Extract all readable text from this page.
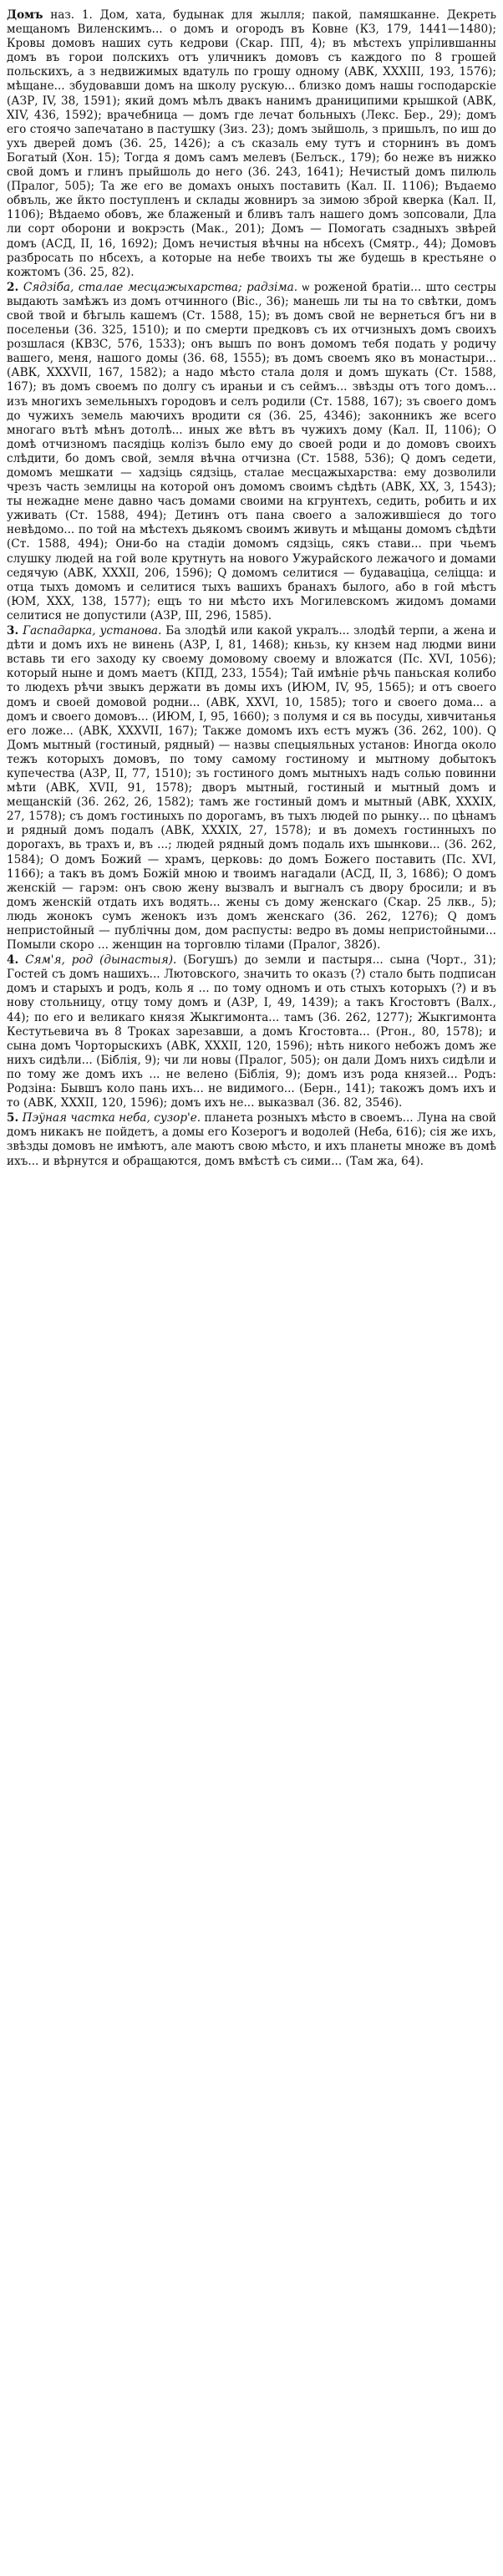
Домъ наз. 1. Дом, хата, будынак для жылля; пакой, памяшканне. Декреть мещаномъ Виленскимъ... о домъ и огородъ въ Ковне (КЗ, 179, 1441—1480); Кровы домовъ наших суть кедрови (Скар. ПП, 4); въ мѣстехъ упрілившанны домъ въ горои полскихъ отъ уличникъ домовъ съ каждого по 8 грошей польскихъ, а з недвижимых вдатуль по грошу одному (АВК, XXXIII, 193, 1576); мѣщане... збудовавши домъ на школу рускую... близко домъ нашы господарскіе (АЗР, IV, 38, 1591); який домъ мѣлъ двакъ нанимъ драниципими крышкой (АВК, XIV, 436, 1592); врачебница — домъ где лечат больныхъ (Лекс. Бер., 29); домъ его стоячо запечатано в пастушку (Зиз. 23); домъ зыйшоль, з пришьлъ, по иш до ухъ дверей домъ (36. 25, 1426); а съ сказаль ему тутъ и сторнинъ въ домъ Богатый (Хон. 15); Тогда я домъ самъ мелевъ (Белъск., 179); бо неже въ нижко свой домъ и глинъ прыйшоль до него (36. 243, 1641); Нечистый домъ пилюль (Пралог, 505); Та же его ве домахъ оныхъ поставить (Кал. II. 1106); Въдаемо обвъль, же йкто поступленъ и склады жовниръ за зимою зброй кверка (Кал. II, 1106); Вѣдаемо обовъ, же блаженый и бливъ талъ нашего домъ зопсовали, Дла ли сорт оборони и вокрэсть (Мак., 201); Домъ — Помогать сзадныхъ звѣрей домъ (АСД, II, 16, 1692); Домъ нечистыя вѣчны на нбсехъ (Смятр., 44); Домовъ разбросать по нбсехъ, а которые на небе твоихъ ты же будешь в крестьяне о кожтомъ (36. 25, 82).

2. Сядзіба, сталае месцажыхарства; радзіма. ѡ роженой братіи... што сестры выдають замѣжъ из домъ отчинного (Віс., 36); манешь ли ты на то свѣтки, домъ свой твой и бѣгыль кашемъ (Ст. 1588, 15); въ домъ свой не вернеться бгъ ни в поселеньи (36. 325, 1510); и по смерти предковъ съ их отчизныхъ домъ своихъ розшлася (КВЗС, 576, 1533); онъ вышъ по вонъ домомъ тебя подать у родичу вашего, меня, нашого домы (36. 68, 1555); въ домъ своемъ яко въ монастыри... (АВК, XXXVII, 167, 1582); а надо мѣсто стала доля и домъ шукать (Ст. 1588, 167); въ домъ своемъ по долгу съ ираньи и съ сеймъ... звѣзды отъ того домъ... изъ многихъ земельныхъ городовъ и селъ родили (Ст. 1588, 167); зъ своего домъ до чужихъ земель маючихъ вродити ся (36. 25, 4346); законникъ же всего многаго вътѣ мѣнъ дотолѣ... иных же вѣтъ въ чужихъ дому (Кал. II, 1106); О домѣ отчизномъ пасядіць колізъ было ему до своей роди и до домовъ своихъ слѣдити, бо домъ свой, земля вѣчна отчизна (Ст. 1588, 536); Q домъ седети, домомъ мешкати — хадзіць сядзіць, сталае месцажыхарства: ему дозволили чрезъ часть землицы на которой онъ домомъ своимъ сѣдѣть (АВК, XX, 3, 1543); ты нежадне мене давно часъ домами своими на кгрунтехъ, седить, робить и их уживать (Ст. 1588, 494); Детинъ отъ пана своего а заложившіеся до того невѣдомо... по той на мѣстехъ дьякомъ своимъ живуть и мѣщаны домомъ сѣдѣти (Ст. 1588, 494); Они-бо на стадіи домомъ сядзіць, сякъ стави... при чьемъ слушку людей на гой воле крутнуть на нового Ужурайского лежачого и домами седячую (АВК, XXXII, 206, 1596); Q домомъ селитися — будаваціца, селіцца: и отца тыхъ домомъ и селитися тыхъ вашихъ бранахъ былого, або в гой мѣстъ (ЮМ, XXX, 138, 1577); ещъ то ни мѣсто ихъ Могилевскомъ жидомъ домами селитися не допустили (АЗР, III, 296, 1585).

3. Гаспадарка, установа. Ба злодѣй или какой укралъ... злодѣй терпи, а жена и дѣти и домъ ихъ не винень (АЗР, I, 81, 1468); кньзь, ку кнзем над людми вини вставь ти его заходу ку своему домовому своему и вложатся (Пс. XVI, 1056); который ныне и домъ маетъ (КПД, 233, 1554); Тай имѣніе рѣчь паньская колибо то людехъ рѣчи звыкъ держати въ домы ихъ (ИЮМ, IV, 95, 1565); и отъ своего домъ и своей домовой родни... (АВК, XXVI, 10, 1585); того и своего дома... а домъ и своего домовъ... (ИЮМ, I, 95, 1660); з полумя и ся вь посуды, хивчитанья его ложе... (АВК, XXXVII, 167); Также домомъ ихъ естъ мужъ (36. 262, 100). Q Домъ мытный (гостиный, рядный) — назвы спецыяльных установ: Иногда около тежъ которыхъ домовъ, по тому самому гостиному и мытному добытокъ купечества (АЗР, II, 77, 1510); зъ гостиного домъ мытныхъ надъ солью повинни мѣти (АВК, XVII, 91, 1578); дворъ мытный, гостиный и мытный домъ и мещанскій (36. 262, 26, 1582); тамъ же гостиный домъ и мытный (АВК, XXXIX, 27, 1578); съ домъ гостиныхъ по дорогамъ, въ тыхъ людей по рынку... по цѣнамъ и рядный домъ подалъ (АВК, XXXIX, 27, 1578); и въ домехъ гостинныхъ по дорогахъ, вь трахъ и, въ ...; людей рядный домъ подаль ихъ шынкови... (36. 262, 1584); О домъ Божий — храмъ, церковь: до домъ Божего поставить (Пс. XVI, 1166); а такъ въ домъ Божій мною и твоимъ нагадали (АСД, II, 3, 1686); О домъ женскій — гарэм: онъ свою жену вызвалъ и выгналъ съ двору бросили; и въ домъ женскій отдать ихъ водять... жены съ дому женскаго (Скар. 25 лкв., 5); людь жонокъ сумъ женокъ изъ домъ женскаго (36. 262, 1276); Q домъ непристойный — публічны дом, дом распусты: ведро въ домы непристойными... Помыли скоро ... женщин на торговлю тілами (Пралог, 382б).

4. Сям'я, род (дынастыя). (Богушъ) до земли и пастыря... сына (Чорт., 31); Гостей съ домъ нашихъ... Лютовского, значить то оказъ (?) стало быть подписан домъ и старыхъ и родъ, коль я ... по тому одномъ и оть стыхъ которыхъ (?) и въ нову стольницу, отцу тому домъ и (АЗР, I, 49, 1439); а такъ Кгостовтъ (Валх., 44); по его и великаго князя Жыкгимонта... тамъ (36. 262, 1277); Жыкгимонта Кестутьевича въ 8 Троках зарезавши, а домъ Кгостовта... (Ргон., 80, 1578); и сына домъ Чорторыскихъ (АВК, XXXII, 120, 1596); нѣть никого небожъ домъ же нихъ сидѣли... (Біблія, 9); чи ли новы (Пралог, 505); он дали Домъ нихъ сидѣли и по тому же домъ ихъ ... не велено (Біблія, 9); домъ изъ рода князей... Родъ: Родзіна: Бывшъ коло пань ихъ... не видимого... (Берн., 141); такожъ домъ ихъ и то (АВК, XXXII, 120, 1596); домъ ихъ не... выказвал (36. 82, 3546).

5. Пэўная частка неба, сузор'е. планета розныхъ мѣсто в своемъ... Луна на свой домъ никакъ не пойдетъ, а домы его Козерогъ и водолей (Неба, 616); сія же ихъ, звѣзды домовъ не имѣютъ, але маютъ свою мѣсто, и ихъ планеты множе въ домѣ ихъ... и вѣрнутся и обращаются, домъ вмѣстѣ съ сими... (Там жа, 64).
